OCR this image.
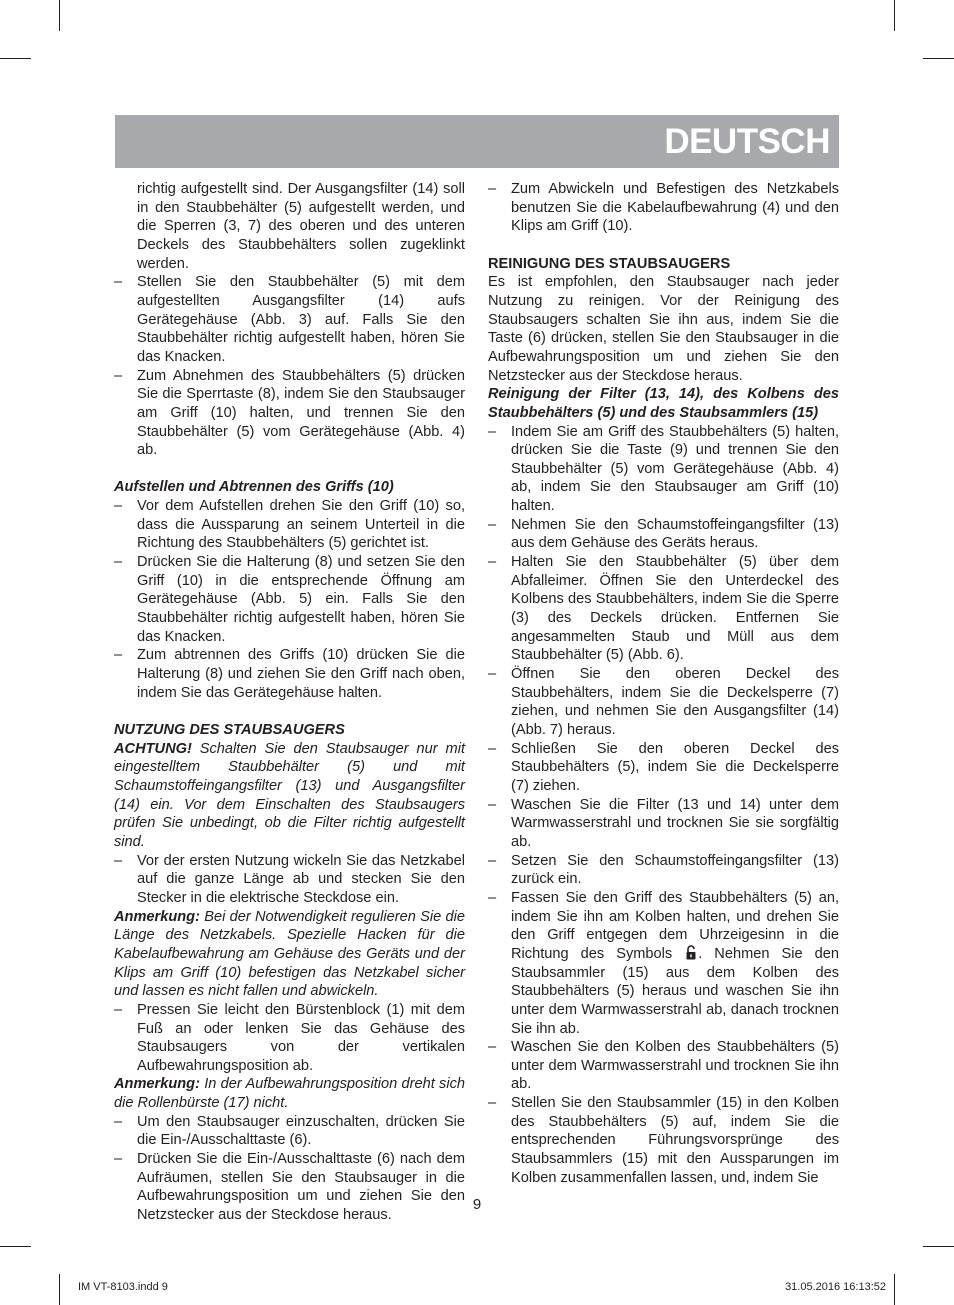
DEUTSCH

richtig aufgestellt sind. Der Ausgangsfilter (14) soll in den Staubbehälter (5) aufgestellt werden, und die Sperren (3, 7) des oberen und des unteren Deckels des Staubbehälters sollen zugeklinkt werden.

– Stellen Sie den Staubbehälter (5) mit dem aufgestellten Ausgangsfilter (14) aufs Gerätegehäuse (Abb. 3) auf. Falls Sie den Staubbehälter richtig aufgestellt haben, hören Sie das Knacken.
– Zum Abnehmen des Staubbehälters (5) drücken Sie die Sperrtaste (8), indem Sie den Staubsauger am Griff (10) halten, und trennen Sie den Staubbehälter (5) vom Gerätegehäuse (Abb. 4) ab.

Aufstellen und Abtrennen des Griffs (10)

– Vor dem Aufstellen drehen Sie den Griff (10) so, dass die Aussparung an seinem Unterteil in die Richtung des Staubbehälters (5) gerichtet ist.
– Drücken Sie die Halterung (8) und setzen Sie den Griff (10) in die entsprechende Öffnung am Gerätegehäuse (Abb. 5) ein. Falls Sie den Staubbehälter richtig aufgestellt haben, hören Sie das Knacken.
– Zum abtrennen des Griffs (10) drücken Sie die Halterung (8) und ziehen Sie den Griff nach oben, indem Sie das Gerätegehäuse halten.

NUTZUNG DES STAUBSAUGERS

ACHTUNG! Schalten Sie den Staubsauger nur mit eingestelltem Staubbehälter (5) und mit Schaumstoffeingangsfilter (13) und Ausgangsfilter (14) ein. Vor dem Einschalten des Staubsaugers prüfen Sie unbedingt, ob die Filter richtig aufgestellt sind.

– Vor der ersten Nutzung wickeln Sie das Netzkabel auf die ganze Länge ab und stecken Sie den Stecker in die elektrische Steckdose ein.

Anmerkung: Bei der Notwendigkeit regulieren Sie die Länge des Netzkabels. Spezielle Hacken für die Kabelaufbewahrung am Gehäuse des Geräts und der Klips am Griff (10) befestigen das Netzkabel sicher und lassen es nicht fallen und abwickeln.

– Pressen Sie leicht den Bürstenblock (1) mit dem Fuß an oder lenken Sie das Gehäuse des Staubsaugers von der vertikalen Aufbewahrungsposition ab.

Anmerkung: In der Aufbewahrungsposition dreht sich die Rollenbürste (17) nicht.

– Um den Staubsauger einzuschalten, drücken Sie die Ein-/Ausschalttaste (6).
– Drücken Sie die Ein-/Ausschalttaste (6) nach dem Aufräumen, stellen Sie den Staubsauger in die Aufbewahrungsposition um und ziehen Sie den Netzstecker aus der Steckdose heraus.
– Zum Abwickeln und Befestigen des Netzkabels benutzen Sie die Kabelaufbewahrung (4) und den Klips am Griff (10).

REINIGUNG DES STAUBSAUGERS

Es ist empfohlen, den Staubsauger nach jeder Nutzung zu reinigen. Vor der Reinigung des Staubsaugers schalten Sie ihn aus, indem Sie die Taste (6) drücken, stellen Sie den Staubsauger in die Aufbewahrungsposition um und ziehen Sie den Netzstecker aus der Steckdose heraus.

Reinigung der Filter (13, 14), des Kolbens des Staubbehälters (5) und des Staubsammlers (15)

– Indem Sie am Griff des Staubbehälters (5) halten, drücken Sie die Taste (9) und trennen Sie den Staubbehälter (5) vom Gerätegehäuse (Abb. 4) ab, indem Sie den Staubsauger am Griff (10) halten.
– Nehmen Sie den Schaumstoffeingangsfilter (13) aus dem Gehäuse des Geräts heraus.
– Halten Sie den Staubbehälter (5) über dem Abfalleimer. Öffnen Sie den Unterdeckel des Kolbens des Staubbehälters, indem Sie die Sperre (3) des Deckels drücken. Entfernen Sie angesammelten Staub und Müll aus dem Staubbehälter (5) (Abb. 6).
– Öffnen Sie den oberen Deckel des Staubbehälters, indem Sie die Deckelsperre (7) ziehen, und nehmen Sie den Ausgangsfilter (14) (Abb. 7) heraus.
– Schließen Sie den oberen Deckel des Staubbehälters (5), indem Sie die Deckelsperre (7) ziehen.
– Waschen Sie die Filter (13 und 14) unter dem Warmwasserstrahl und trocknen Sie sie sorgfältig ab.
– Setzen Sie den Schaumstoffeingangsfilter (13) zurück ein.
– Fassen Sie den Griff des Staubbehälters (5) an, indem Sie ihn am Kolben halten, und drehen Sie den Griff entgegen dem Uhrzeigesinn in die Richtung des Symbols . Nehmen Sie den Staubsammler (15) aus dem Kolben des Staubbehälters (5) heraus und waschen Sie ihn unter dem Warmwasserstrahl ab, danach trocknen Sie ihn ab.
– Waschen Sie den Kolben des Staubbehälters (5) unter dem Warmwasserstrahl und trocknen Sie ihn ab.
– Stellen Sie den Staubsammler (15) in den Kolben des Staubbehälters (5) auf, indem Sie die entsprechenden Führungsvorsprünge des Staubsammlers (15) mit den Aussparungen im Kolben zusammenfallen lassen, und, indem Sie
9
IM VT-8103.indd 9	31.05.2016 16:13:52
